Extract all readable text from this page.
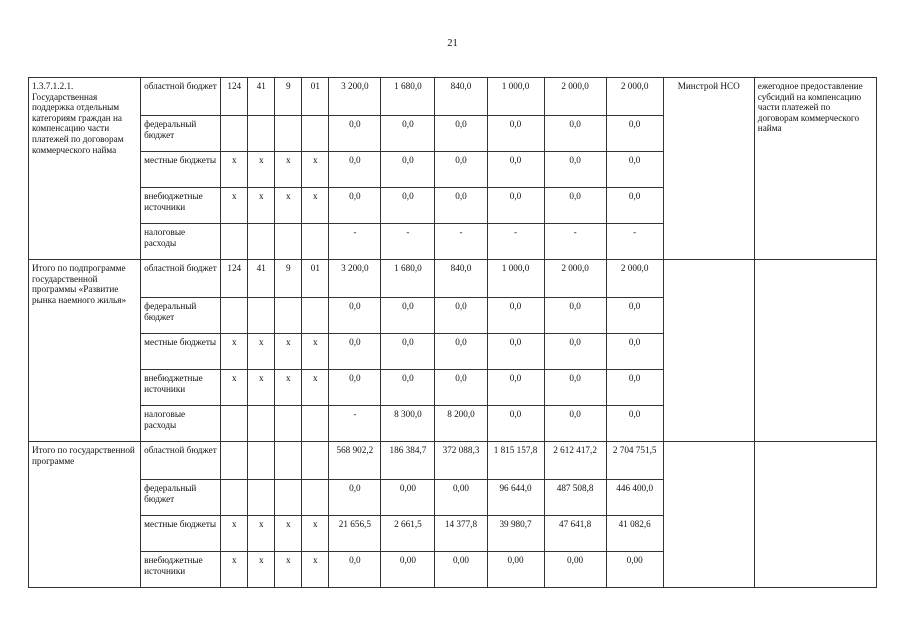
21
1.3.7.1.2.1. Государственная поддержка отдельным категориям граждан на компенсацию части платежей по договорам коммерческого найма	областной бюджет	124	41	9	01	3 200,0	1 680,0	840,0	1 000,0	2 000,0	2 000,0	Минстрой НСО	ежегодное предоставление субсидий на компенсацию части платежей по договорам коммерческого найма
	федеральный бюджет					0,0	0,0	0,0	0,0	0,0	0,0		
	местные бюджеты	х	х	х	х	0,0	0,0	0,0	0,0	0,0	0,0		
	внебюджетные источники	х	х	х	х	0,0	0,0	0,0	0,0	0,0	0,0		
	налоговые расходы					-	-	-	-	-	-		
Итого по подпрограмме государственной программы «Развитие рынка наемного жилья»	областной бюджет	124	41	9	01	3 200,0	1 680,0	840,0	1 000,0	2 000,0	2 000,0		
	федеральный бюджет					0,0	0,0	0,0	0,0	0,0	0,0		
	местные бюджеты	х	х	х	х	0,0	0,0	0,0	0,0	0,0	0,0		
	внебюджетные источники	х	х	х	х	0,0	0,0	0,0	0,0	0,0	0,0		
	налоговые расходы					-	8 300,0	8 200,0	0,0	0,0	0,0		
Итого по государственной программе	областной бюджет					568 902,2	186 384,7	372 088,3	1 815 157,8	2 612 417,2	2 704 751,5		
	федеральный бюджет					0,0	0,00	0,00	96 644,0	487 508,8	446 400,0		
	местные бюджеты	х	х	х	х	21 656,5	2 661,5	14 377,8	39 980,7	47 641,8	41 082,6		
	внебюджетные источники	х	х	х	х	0,0	0,00	0,00	0,00	0,00	0,00		
